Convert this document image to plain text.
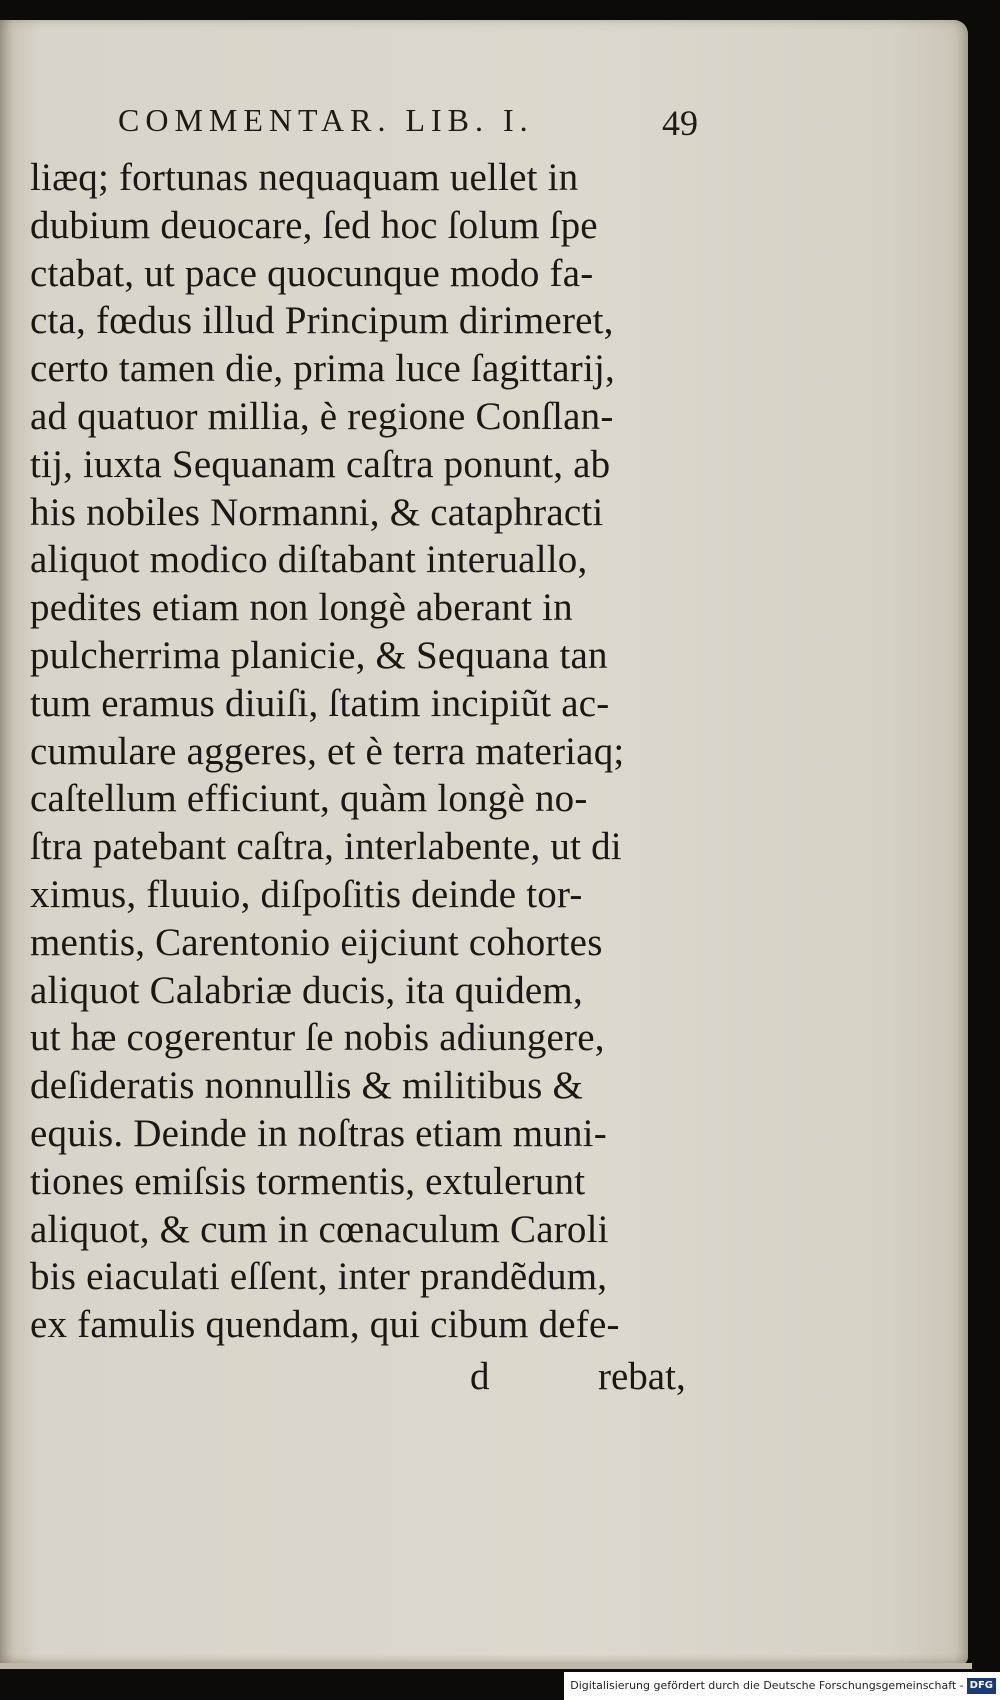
COMMENTAR. LIB. I.	49
liæq; fortunas nequaquam uellet in
dubium deuocare, ſed hoc ſolum ſpe
ctabat, ut pace quocunque modo fa-
cta, fœdus illud Principum dirimeret,
certo tamen die, prima luce ſagittarij,
ad quatuor millia, è regione Conſlan-
tij, iuxta Sequanam caſtra ponunt, ab
his nobiles Normanni, & cataphracti
aliquot modico diſtabant interuallo,
pedites etiam non longè aberant in
pulcherrima planicie, & Sequana tan
tum eramus diuiſi, ſtatim incipiũt ac-
cumulare aggeres, et è terra materiaq;
caſtellum efficiunt, quàm longè no-
ſtra patebant caſtra, interlabente, ut di
ximus, fluuio, diſpoſitis deinde tor-
mentis, Carentonio eijciunt cohortes
aliquot Calabriæ ducis, ita quidem,
ut hæ cogerentur ſe nobis adiungere,
deſideratis nonnullis & militibus &
equis. Deinde in noſtras etiam muni-
tiones emiſsis tormentis, extulerunt
aliquot, & cum in cœnaculum Caroli
bis eiaculati eſſent, inter prandẽdum,
ex famulis quendam, qui cibum defe-
d	rebat,
Digitalisierung gefördert durch die Deutsche Forschungsgemeinschaft - DFG
